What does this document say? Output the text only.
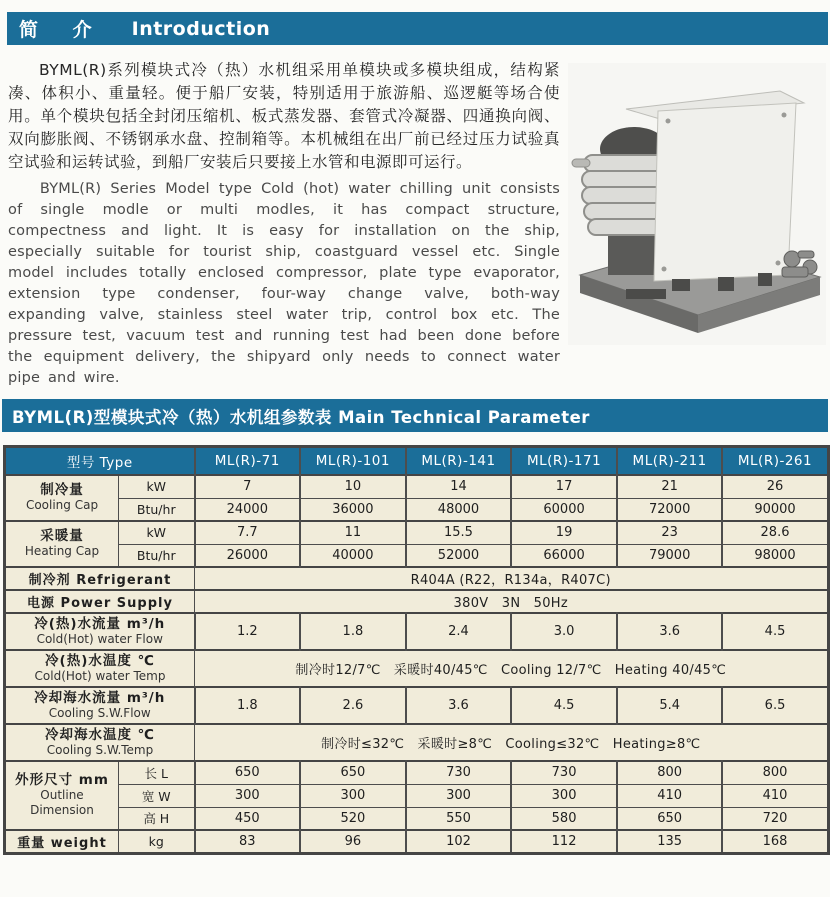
简 介 Introduction

BYML(R)系列模块式冷（热）水机组采用单模块或多模块组成，结构紧凑、体积小、重量轻。便于船厂安装，特别适用于旅游船、巡逻艇等场合使用。单个模块包括全封闭压缩机、板式蒸发器、套管式冷凝器、四通换向阀、双向膨胀阀、不锈钢承水盘、控制箱等。本机械组在出厂前已经过压力试验真空试验和运转试验，到船厂安装后只要接上水管和电源即可运行。

BYML(R) Series Model type Cold (hot) water chilling unit consists of single modle or multi modles, it has compact structure, compectness and light. It is easy for installation on the ship, especially suitable for tourist ship, coastguard vessel etc. Single model includes totally enclosed compressor, plate type evaporator, extension type condenser, four-way change valve, both-way expanding valve, stainless steel water trip, control box etc. The pressure test, vacuum test and running test had been done before the equipment delivery, the shipyard only needs to connect water pipe and wire.

BYML(R)型模块式冷（热）水机组参数表 Main Technical Parameter
型号 Type		ML(R)-71	ML(R)-101	ML(R)-141	ML(R)-171	ML(R)-211	ML(R)-261

制冷量
Cooling Cap	kW	7	10	14	17	21	26
	Btu/hr	24000	36000	48000	60000	72000	90000

采暖量
Heating Cap	kW	7.7	11	15.5	19	23	28.6
	Btu/hr	26000	40000	52000	66000	79000	98000
制冷剂 Refrigerant		R404A (R22，R134a，R407C)					
电源 Power Supply		380V　3N　50Hz					

冷(热)水流量 m³/h
Cold(Hot) water Flow		1.2	1.8	2.4	3.0	3.6	4.5

冷(热)水温度 ℃
Cold(Hot) water Temp		制冷时12/7℃　采暖时40/45℃　Cooling 12/7℃　Heating 40/45℃					

冷却海水流量 m³/h
Cooling S.W.Flow		1.8	2.6	3.6	4.5	5.4	6.5

冷却海水温度 ℃
Cooling S.W.Temp		制冷时≤32℃　采暖时≥8℃　Cooling≤32℃　Heating≥8℃					

外形尺寸 mm
Outline Dimension	长 L	650	650	730	730	800	800
	宽 W	300	300	300	300	410	410
	高 H	450	520	550	580	650	720
重量 weight	kg	83	96	102	112	135	168
